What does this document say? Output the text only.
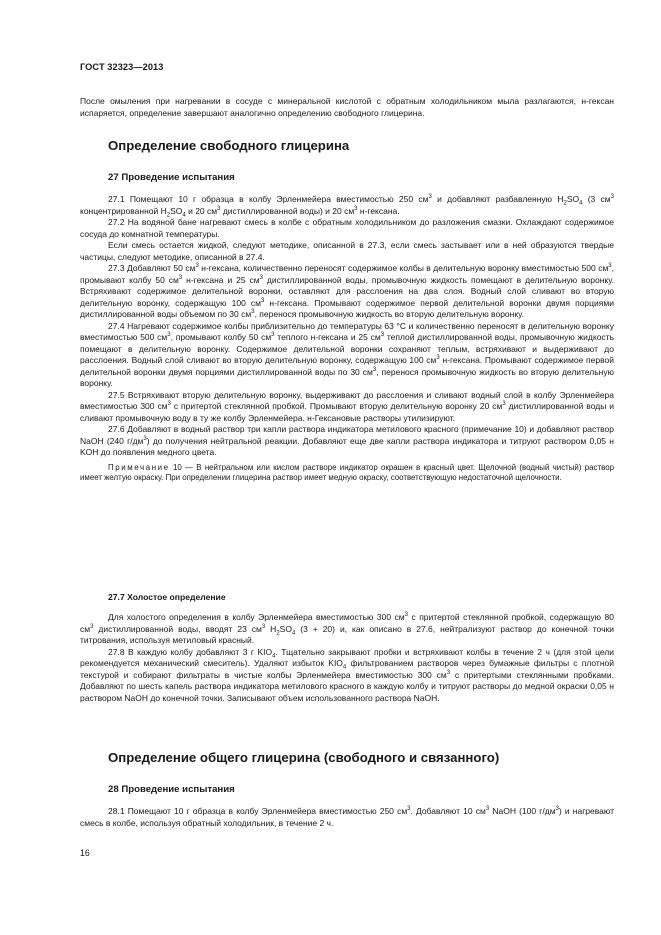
ГОСТ 32323—2013

После омыления при нагревании в сосуде с минеральной кислотой с обратным холодильником мыла разлагаются, н-гексан испаряется, определение завершают аналогично определению свободного глицерина.

Определение свободного глицерина
27 Проведение испытания

27.1 Помещают 10 г образца в колбу Эрленмейера вместимостью 250 $см^3$ и добавляют разбавленную $H_2SO_4$ (3 $см^3$ концентрированной $H_2SO_4$ и 20 $см^3$ дистиллированной воды) и 20 $см^3$ н-гексана.

27.2 На водяной бане нагревают смесь в колбе с обратным холодильником до разложения смазки. Охлаждают содержимое сосуда до комнатной температуры.

Если смесь остается жидкой, следуют методике, описанной в 27.3, если смесь застывает или в ней образуются твердые частицы, следуют методике, описанной в 27.4.

27.3 Добавляют 50 $см^3$ н-гексана, количественно переносят содержимое колбы в делительную воронку вместимостью 500 $см^3$, промывают колбу 50 $см^3$ н-гексана и 25 $см^3$ дистиллированной воды, промывочную жидкость помещают в делительную воронку. Встряхивают содержимое делительной воронки, оставляют для расслоения на два слоя. Водный слой сливают во вторую делительную воронку, содержащую 100 $см^3$ н-гексана. Промывают содержимое первой делительной воронки двумя порциями дистиллированной воды объемом по 30 $см^3$, перенося промывочную жидкость во вторую делительную воронку.

27.4 Нагревают содержимое колбы приблизительно до температуры 63 °С и количественно переносят в делительную воронку вместимостью 500 $см^3$, промывают колбу 50 $см^3$ теплого н-гексана и 25 $см^3$ теплой дистиллированной воды, промывочную жидкость помещают в делительную воронку. Содержимое делительной воронки сохраняют теплым, встряхивают и выдерживают до расслоения. Водный слой сливают во вторую делительную воронку, содержащую 100 $см^3$ н-гексана. Промывают содержимое первой делительной воронки двумя порциями дистиллированной воды по 30 $см^3$, перенося промывочную жидкость во вторую делительную воронку.

27.5 Встряхивают вторую делительную воронку, выдерживают до расслоения и сливают водный слой в колбу Эрленмейера вместимостью 300 $см^3$ с притертой стеклянной пробкой. Промывают вторую делительную воронку 20 $см^3$ дистиллированной воды и сливают промывочную воду в ту же колбу Эрленмейера. н-Гексановые растворы утилизируют.

27.6 Добавляют в водный раствор три капли раствора индикатора метилового красного (примечание 10) и добавляют раствор NaOH (240 $г/дм^3$) до получения нейтральной реакции. Добавляют еще две капли раствора индикатора и титруют раствором 0,05 н KOH до появления медного цвета.

Примечание 10 — В нейтральном или кислом растворе индикатор окрашен в красный цвет. Щелочной (водный чистый) раствор имеет желтую окраску. При определении глицерина раствор имеет медную окраску, соответствующую недостаточной щелочности.

27.7 Холостое определение

Для холостого определения в колбу Эрленмейера вместимостью 300 $см^3$ с притертой стеклянной пробкой, содержащую 80 $см^3$ дистиллированной воды, вводят 23 $см^3$ $H_2SO_4$ (3 + 20) и, как описано в 27.6, нейтрализуют раствор до конечной точки титрования, используя метиловый красный.

27.8 В каждую колбу добавляют 3 г $KIO_4$. Тщательно закрывают пробки и встряхивают колбы в течение 2 ч (для этой цели рекомендуется механический смеситель). Удаляют избыток $KIO_4$ фильтрованием растворов через бумажные фильтры с плотной текстурой и собирают фильтраты в чистые колбы Эрленмейера вместимостью 300 $см^3$ с притертыми стеклянными пробками. Добавляют по шесть капель раствора индикатора метилового красного в каждую колбу и титруют растворы до медной окраски 0,05 н раствором NaOH до конечной точки. Записывают объем использованного раствора NaOH.

Определение общего глицерина (свободного и связанного)
28 Проведение испытания

28.1 Помещают 10 г образца в колбу Эрленмейера вместимостью 250 $см^3$. Добавляют 10 $см^3$ NaOH (100 $г/дм^3$) и нагревают смесь в колбе, используя обратный холодильник, в течение 2 ч.

16
